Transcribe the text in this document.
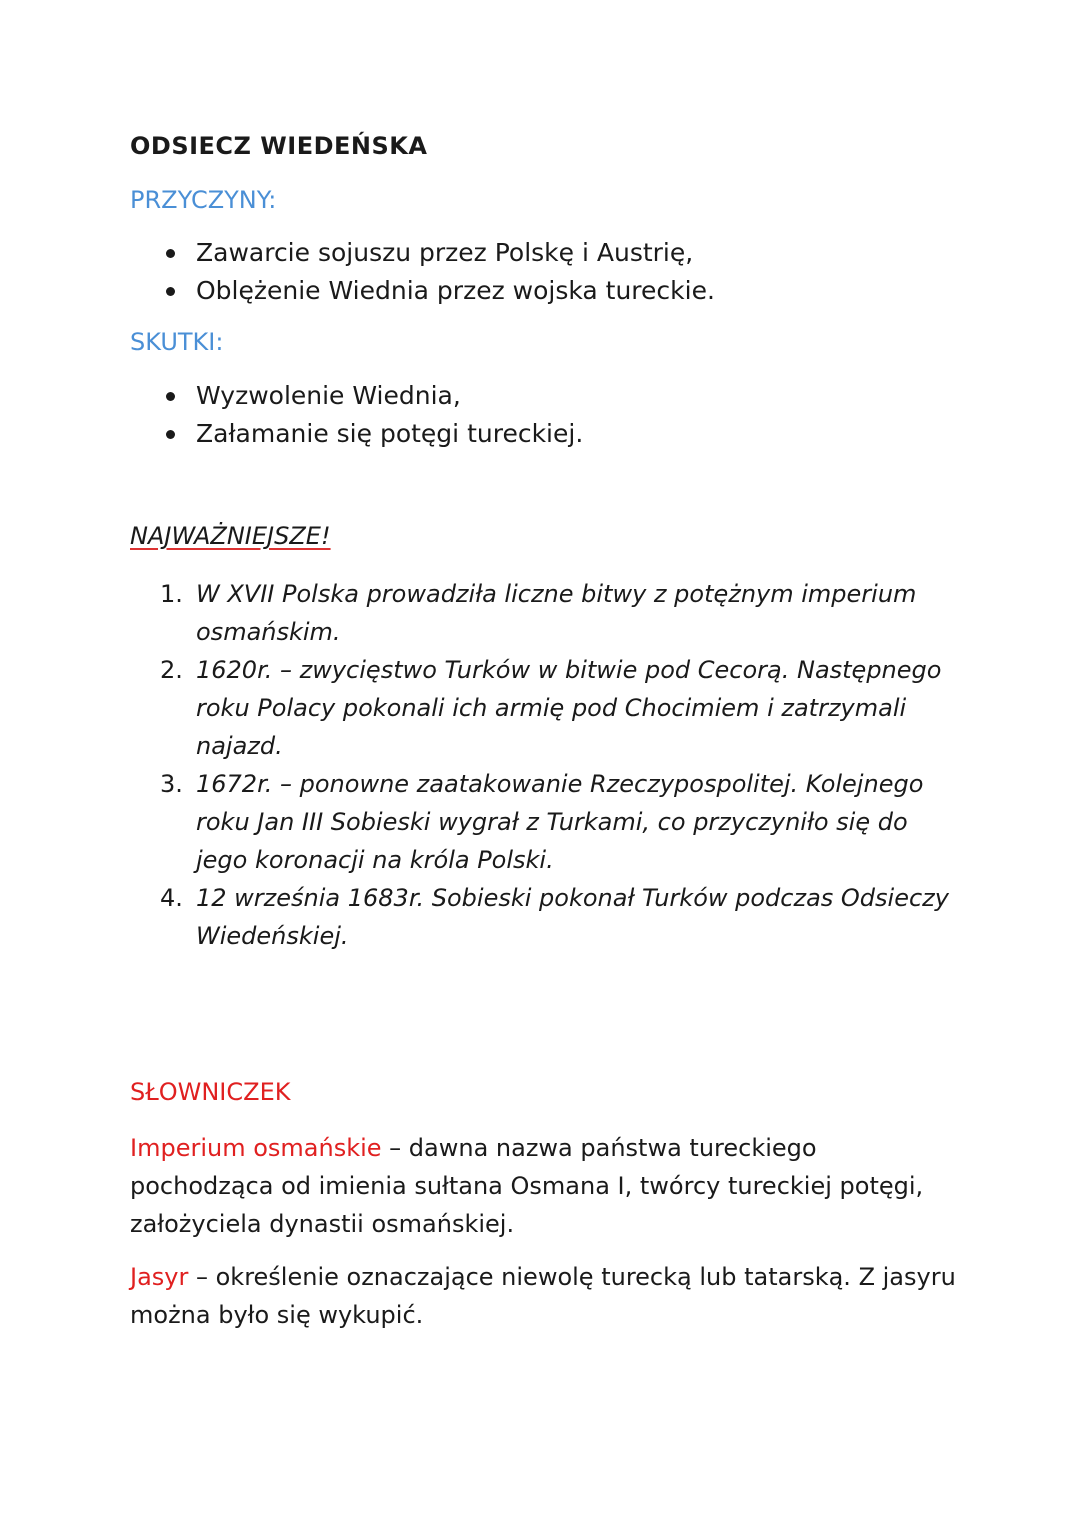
ODSIECZ WIEDEŃSKA
PRZYCZYNY:
Zawarcie sojuszu przez Polskę i Austrię,
Oblężenie Wiednia przez wojska tureckie.
SKUTKI:
Wyzwolenie Wiednia,
Załamanie się potęgi tureckiej.
NAJWAŻNIEJSZE!
1. W XVII Polska prowadziła liczne bitwy z potężnym imperium osmańskim.
2. 1620r. – zwycięstwo Turków w bitwie pod Cecorą. Następnego roku Polacy pokonali ich armię pod Chocimiem i zatrzymali najazd.
3. 1672r. – ponowne zaatakowanie Rzeczypospolitej. Kolejnego roku Jan III Sobieski wygrał z Turkami, co przyczyniło się do jego koronacji na króla Polski.
4. 12 września 1683r. Sobieski pokonał Turków podczas Odsieczy Wiedeńskiej.
SŁOWNICZEK

Imperium osmańskie – dawna nazwa państwa tureckiego pochodząca od imienia sułtana Osmana I, twórcy tureckiej potęgi, założyciela dynastii osmańskiej.

Jasyr – określenie oznaczające niewolę turecką lub tatarską. Z jasyru można było się wykupić.
